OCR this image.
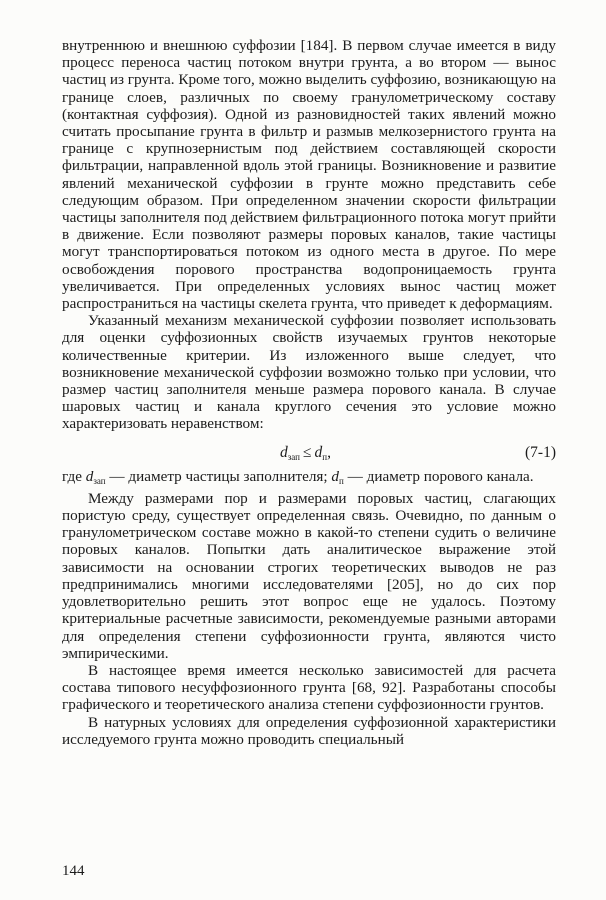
внутреннюю и внешнюю суффозии [184]. В первом случае имеется в виду процесс переноса частиц потоком внутри грунта, а во втором — вынос частиц из грунта. Кроме того, можно выделить суффозию, возникающую на границе слоев, различных по своему гранулометрическому составу (контактная суффозия). Одной из разновидностей таких явлений можно считать просыпание грунта в фильтр и размыв мелкозернистого грунта на границе с крупнозернистым под действием составляющей скорости фильтрации, направленной вдоль этой границы. Возникновение и развитие явлений механической суффозии в грунте можно представить себе следующим образом. При определенном значении скорости фильтрации частицы заполнителя под действием фильтрационного потока могут прийти в движение. Если позволяют размеры поровых каналов, такие частицы могут транспортироваться потоком из одного места в другое. По мере освобождения порового пространства водопроницаемость грунта увеличивается. При определенных условиях вынос частиц может распространиться на частицы скелета грунта, что приведет к деформациям.

Указанный механизм механической суффозии позволяет использовать для оценки суффозионных свойств изучаемых грунтов некоторые количественные критерии. Из изложенного выше следует, что возникновение механической суффозии возможно только при условии, что размер частиц заполнителя меньше размера порового канала. В случае шаровых частиц и канала круглого сечения это условие можно характеризовать неравенством:

$d_{зап} \le d_п$,	(7-1)

где $d_{зап}$ — диаметр частицы заполнителя; $d_п$ — диаметр порового канала.

Между размерами пор и размерами поровых частиц, слагающих пористую среду, существует определенная связь. Очевидно, по данным о гранулометрическом составе можно в какой-то степени судить о величине поровых каналов. Попытки дать аналитическое выражение этой зависимости на основании строгих теоретических выводов не раз предпринимались многими исследователями [205], но до сих пор удовлетворительно решить этот вопрос еще не удалось. Поэтому критериальные расчетные зависимости, рекомендуемые разными авторами для определения степени суффозионности грунта, являются чисто эмпирическими.

В настоящее время имеется несколько зависимостей для расчета состава типового несуффозионного грунта [68, 92]. Разработаны способы графического и теоретического анализа степени суффозионности грунтов.

В натурных условиях для определения суффозионной характеристики исследуемого грунта можно проводить специальный

144
